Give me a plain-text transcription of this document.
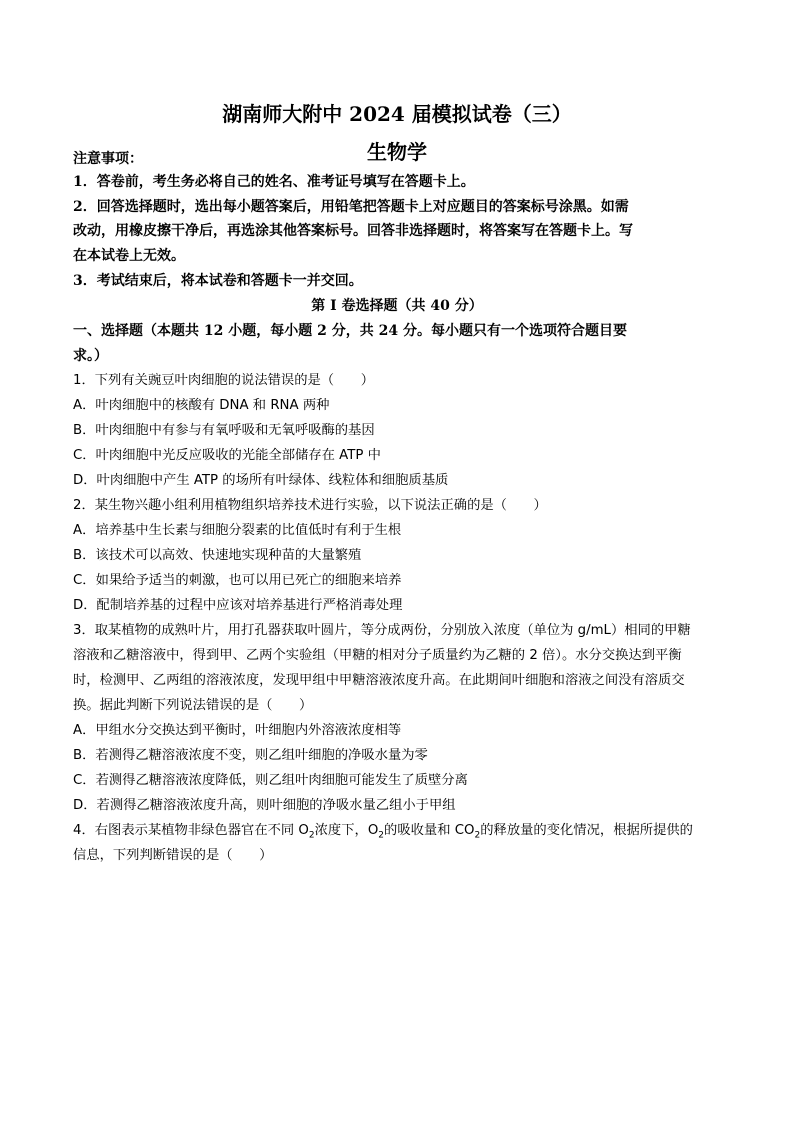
湖南师大附中 2024 届模拟试卷（三）
生物学
注意事项：
1．答卷前，考生务必将自己的姓名、准考证号填写在答题卡上。
2．回答选择题时，选出每小题答案后，用铅笔把答题卡上对应题目的答案标号涂黑。如需
改动，用橡皮擦干净后，再选涂其他答案标号。回答非选择题时，将答案写在答题卡上。写
在本试卷上无效。
3．考试结束后，将本试卷和答题卡一并交回。
第 I 卷选择题（共 40 分）
一、选择题（本题共 12 小题，每小题 2 分，共 24 分。每小题只有一个选项符合题目要
求。）
1．下列有关豌豆叶肉细胞的说法错误的是（　　）
A．叶肉细胞中的核酸有 DNA 和 RNA 两种
B．叶肉细胞中有参与有氧呼吸和无氧呼吸酶的基因
C．叶肉细胞中光反应吸收的光能全部储存在 ATP 中
D．叶肉细胞中产生 ATP 的场所有叶绿体、线粒体和细胞质基质
2．某生物兴趣小组利用植物组织培养技术进行实验，以下说法正确的是（　　）
A．培养基中生长素与细胞分裂素的比值低时有利于生根
B．该技术可以高效、快速地实现种苗的大量繁殖
C．如果给予适当的刺激，也可以用已死亡的细胞来培养
D．配制培养基的过程中应该对培养基进行严格消毒处理
3．取某植物的成熟叶片，用打孔器获取叶圆片，等分成两份，分别放入浓度（单位为 g/mL）相同的甲糖
溶液和乙糖溶液中，得到甲、乙两个实验组（甲糖的相对分子质量约为乙糖的 2 倍）。水分交换达到平衡
时，检测甲、乙两组的溶液浓度，发现甲组中甲糖溶液浓度升高。在此期间叶细胞和溶液之间没有溶质交
换。据此判断下列说法错误的是（　　）
A．甲组水分交换达到平衡时，叶细胞内外溶液浓度相等
B．若测得乙糖溶液浓度不变，则乙组叶细胞的净吸水量为零
C．若测得乙糖溶液浓度降低，则乙组叶肉细胞可能发生了质壁分离
D．若测得乙糖溶液浓度升高，则叶细胞的净吸水量乙组小于甲组
4．右图表示某植物非绿色器官在不同 $O_2$浓度下，$O_2$的吸收量和 $CO_2$的释放量的变化情况，根据所提供的
信息，下列判断错误的是（　　）
